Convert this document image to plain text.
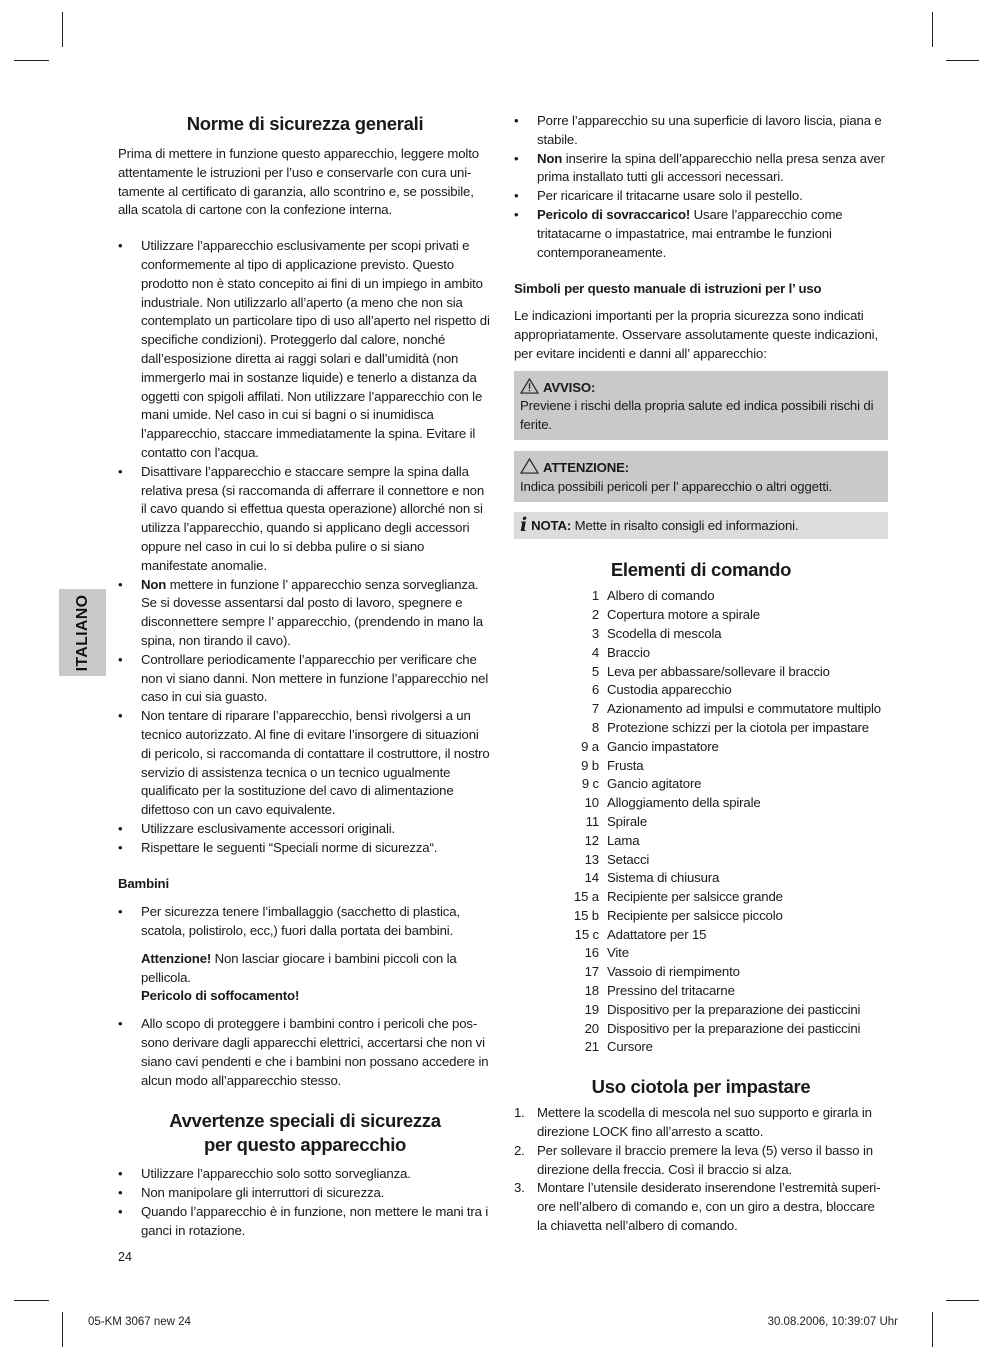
ITALIANO
Norme di sicurezza generali

Prima di mettere in funzione questo apparecchio, leggere molto attentamente le istruzioni per l’uso e conservarle con cura unitamente al certificato di garanzia, allo scontrino e, se possibile, alla scatola di cartone con la confezione interna.

• Utilizzare l’apparecchio esclusivamente per scopi privati e conformemente al tipo di applicazione previsto. Questo prodotto non è stato concepito ai fini di un impiego in ambito industriale. Non utilizzarlo all’aperto (a meno che non sia contemplato un particolare tipo di uso all’aperto nel rispetto di specifiche condizioni). Proteggerlo dal calore, nonché dall’esposizione diretta ai raggi solari e dall’umidità (non immergerlo mai in sostanze liquide) e tenerlo a distanza da oggetti con spigoli affilati. Non utilizzare l’apparecchio con le mani umide. Nel caso in cui si bagni o si inumidisca l’apparecchio, staccare immediatamente la spina. Evitare il contatto con l’acqua.
• Disattivare l’apparecchio e staccare sempre la spina dalla relativa presa (si raccomanda di afferrare il connettore e non il cavo quando si effettua questa operazione) allorché non si utilizza l’apparecchio, quando si applicano degli accessori oppure nel caso in cui lo si debba pulire o si siano manifestate anomalie.
• Non mettere in funzione l’ apparecchio senza sorveglianza. Se si dovesse assentarsi dal posto di lavoro, spegnere e disconnettere sempre l’ apparecchio, (prendendo in mano la spina, non tirando il cavo).
• Controllare periodicamente l’apparecchio per verificare che non vi siano danni. Non mettere in funzione l’apparecchio nel caso in cui sia guasto.
• Non tentare di riparare l’apparecchio, bensì rivolgersi a un tecnico autorizzato. Al fine di evitare l’insorgere di situazioni di pericolo, si raccomanda di contattare il costruttore, il nostro servizio di assistenza tecnica o un tecnico ugualmente qualificato per la sostituzione del cavo di alimentazione difettoso con un cavo equivalente.
• Utilizzare esclusivamente accessori originali.
• Rispettare le seguenti “Speciali norme di sicurezza“.

Bambini

• Per sicurezza tenere l’imballaggio (sacchetto di plastica, scatola, polistirolo, ecc,) fuori dalla portata dei bambini.

Attenzione! Non lasciar giocare i bambini piccoli con la pellicola.
Pericolo di soffocamento!

• Allo scopo di proteggere i bambini contro i pericoli che possono derivare dagli apparecchi elettrici, accertarsi che non vi siano cavi pendenti e che i bambini non possano accedere in alcun modo all’apparecchio stesso.
Avvertenze speciali di sicurezza
per questo apparecchio
• Utilizzare l’apparecchio solo sotto sorveglianza.
• Non manipolare gli interruttori di sicurezza.
• Quando l’apparecchio è in funzione, non mettere le mani tra i ganci in rotazione.
• Porre l’apparecchio su una superficie di lavoro liscia, piana e stabile.
• Non inserire la spina dell’apparecchio nella presa senza aver prima installato tutti gli accessori necessari.
• Per ricaricare il tritacarne usare solo il pestello.
• Pericolo di sovraccarico! Usare l’apparecchio come tritatacarne o impastatrice, mai entrambe le funzioni contemporaneamente.

Simboli per questo manuale di istruzioni per l’ uso

Le indicazioni importanti per la propria sicurezza sono indicati appropriatamente. Osservare assolutamente queste indicazioni, per evitare incidenti e danni all’ apparecchio:

AVVISO:
Previene i rischi della propria salute ed indica possibili rischi di ferite.
ATTENZIONE:
Indica possibili pericoli per l’ apparecchio o altri oggetti.
i NOTA: Mette in risalto consigli ed informazioni.
Elementi di comando
1	Albero di comando
2	Copertura motore a spirale
3	Scodella di mescola
4	Braccio
5	Leva per abbassare/sollevare il braccio
6	Custodia apparecchio
7	Azionamento ad impulsi e commutatore multiplo
8	Protezione schizzi per la ciotola per impastare
9 a	Gancio impastatore
9 b	Frusta
9 c	Gancio agitatore
10	Alloggiamento della spirale
11	Spirale
12	Lama
13	Setacci
14	Sistema di chiusura
15 a	Recipiente per salsicce grande
15 b	Recipiente per salsicce piccolo
15 c	Adattatore per 15
16	Vite
17	Vassoio di riempimento
18	Pressino del tritacarne
19	Dispositivo per la preparazione dei pasticcini
20	Dispositivo per la preparazione dei pasticcini
21	Cursore
Uso ciotola per impastare
1. Mettere la scodella di mescola nel suo supporto e girarla in direzione LOCK fino all’arresto a scatto.
2. Per sollevare il braccio premere la leva (5) verso il basso in direzione della freccia. Così il braccio si alza.
3. Montare l’utensile desiderato inserendone l’estremità superiore nell’albero di comando e, con un giro a destra, bloccare la chiavetta nell’albero di comando.
24
05-KM 3067 new 24	30.08.2006, 10:39:07 Uhr
